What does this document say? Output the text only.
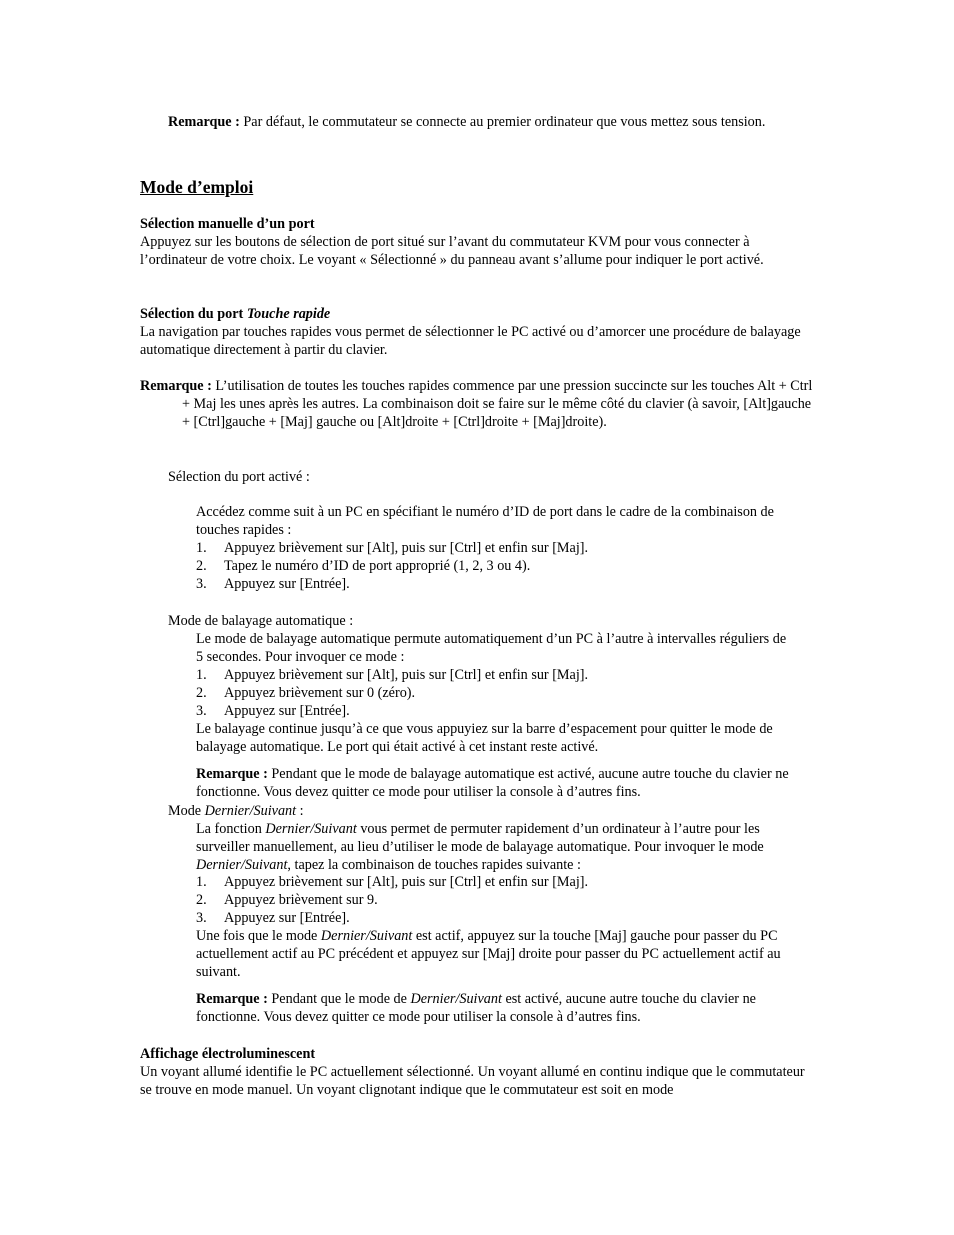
Remarque : Par défaut, le commutateur se connecte au premier ordinateur que vous mettez sous tension.

Mode d’emploi
Sélection manuelle d’un port

Appuyez sur les boutons de sélection de port situé sur l’avant du commutateur KVM pour vous connecter à l’ordinateur de votre choix. Le voyant « Sélectionné » du panneau avant s’allume pour indiquer le port activé.

Sélection du port Touche rapide

La navigation par touches rapides vous permet de sélectionner le PC activé ou d’amorcer une procédure de balayage automatique directement à partir du clavier.

Remarque : L’utilisation de toutes les touches rapides commence par une pression succincte sur les touches Alt + Ctrl + Maj les unes après les autres. La combinaison doit se faire sur le même côté du clavier (à savoir, [Alt]gauche + [Ctrl]gauche + [Maj] gauche ou [Alt]droite + [Ctrl]droite + [Maj]droite).

Sélection du port activé :

Accédez comme suit à un PC en spécifiant le numéro d’ID de port dans le cadre de la combinaison de touches rapides :

1. Appuyez brièvement sur [Alt], puis sur [Ctrl] et enfin sur [Maj].
2. Tapez le numéro d’ID de port approprié (1, 2, 3 ou 4).
3. Appuyez sur [Entrée].
Mode de balayage automatique :

Le mode de balayage automatique permute automatiquement d’un PC à l’autre à intervalles réguliers de 5 secondes. Pour invoquer ce mode :

1. Appuyez brièvement sur [Alt], puis sur [Ctrl] et enfin sur [Maj].
2. Appuyez brièvement sur 0 (zéro).
3. Appuyez sur [Entrée].

Le balayage continue jusqu’à ce que vous appuyiez sur la barre d’espacement pour quitter le mode de balayage automatique. Le port qui était activé à cet instant reste activé.

Remarque : Pendant que le mode de balayage automatique est activé, aucune autre touche du clavier ne fonctionne. Vous devez quitter ce mode pour utiliser la console à d’autres fins.

Mode Dernier/Suivant :

La fonction Dernier/Suivant vous permet de permuter rapidement d’un ordinateur à l’autre pour les surveiller manuellement, au lieu d’utiliser le mode de balayage automatique. Pour invoquer le mode Dernier/Suivant, tapez la combinaison de touches rapides suivante :

1. Appuyez brièvement sur [Alt], puis sur [Ctrl] et enfin sur [Maj].
2. Appuyez brièvement sur 9.
3. Appuyez sur [Entrée].

Une fois que le mode Dernier/Suivant est actif, appuyez sur la touche [Maj] gauche pour passer du PC actuellement actif au PC précédent et appuyez sur [Maj] droite pour passer du PC actuellement actif au suivant.

Remarque : Pendant que le mode de Dernier/Suivant est activé, aucune autre touche du clavier ne fonctionne. Vous devez quitter ce mode pour utiliser la console à d’autres fins.

Affichage électroluminescent

Un voyant allumé identifie le PC actuellement sélectionné. Un voyant allumé en continu indique que le commutateur se trouve en mode manuel. Un voyant clignotant indique que le commutateur est soit en mode
